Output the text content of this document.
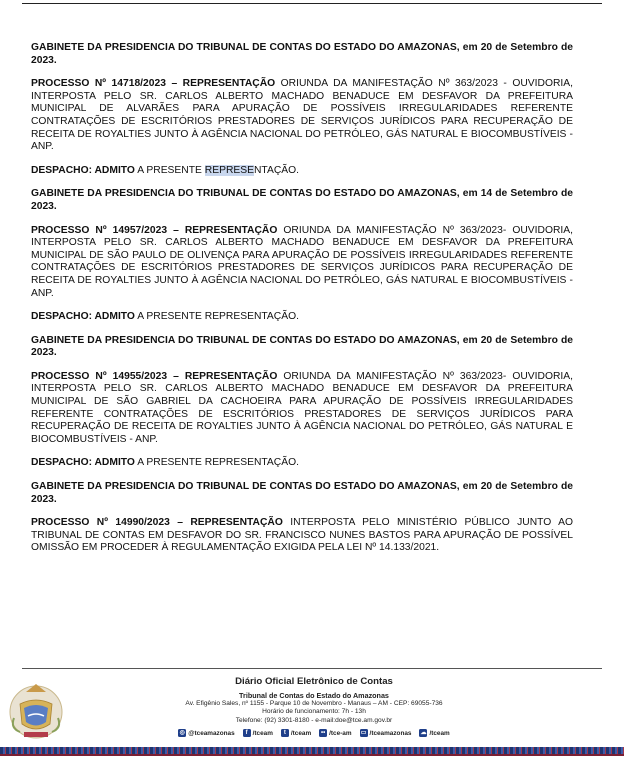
GABINETE DA PRESIDENCIA DO TRIBUNAL DE CONTAS DO ESTADO DO AMAZONAS, em 20 de Setembro de 2023.

PROCESSO Nº 14718/2023 – REPRESENTAÇÃO ORIUNDA DA MANIFESTAÇÃO Nº 363/2023 - OUVIDORIA, INTERPOSTA PELO SR. CARLOS ALBERTO MACHADO BENADUCE EM DESFAVOR DA PREFEITURA MUNICIPAL DE ALVARÃES PARA APURAÇÃO DE POSSÍVEIS IRREGULARIDADES REFERENTE CONTRATAÇÕES DE ESCRITÓRIOS PRESTADORES DE SERVIÇOS JURÍDICOS PARA RECUPERAÇÃO DE RECEITA DE ROYALTIES JUNTO À AGÊNCIA NACIONAL DO PETRÓLEO, GÁS NATURAL E BIOCOMBUSTÍVEIS - ANP.

DESPACHO: ADMITO A PRESENTE REPRESENTAÇÃO.

GABINETE DA PRESIDENCIA DO TRIBUNAL DE CONTAS DO ESTADO DO AMAZONAS, em 14 de Setembro de 2023.

PROCESSO Nº 14957/2023 – REPRESENTAÇÃO ORIUNDA DA MANIFESTAÇÃO Nº 363/2023- OUVIDORIA, INTERPOSTA PELO SR. CARLOS ALBERTO MACHADO BENADUCE EM DESFAVOR DA PREFEITURA MUNICIPAL DE SÃO PAULO DE OLIVENÇA PARA APURAÇÃO DE POSSÍVEIS IRREGULARIDADES REFERENTE CONTRATAÇÕES DE ESCRITÓRIOS PRESTADORES DE SERVIÇOS JURÍDICOS PARA RECUPERAÇÃO DE RECEITA DE ROYALTIES JUNTO À AGÊNCIA NACIONAL DO PETRÓLEO, GÁS NATURAL E BIOCOMBUSTÍVEIS - ANP.

DESPACHO: ADMITO A PRESENTE REPRESENTAÇÃO.

GABINETE DA PRESIDENCIA DO TRIBUNAL DE CONTAS DO ESTADO DO AMAZONAS, em 20 de Setembro de 2023.

PROCESSO Nº 14955/2023 – REPRESENTAÇÃO ORIUNDA DA MANIFESTAÇÃO Nº 363/2023- OUVIDORIA, INTERPOSTA PELO SR. CARLOS ALBERTO MACHADO BENADUCE EM DESFAVOR DA PREFEITURA MUNICIPAL DE SÃO GABRIEL DA CACHOEIRA PARA APURAÇÃO DE POSSÍVEIS IRREGULARIDADES REFERENTE CONTRATAÇÕES DE ESCRITÓRIOS PRESTADORES DE SERVIÇOS JURÍDICOS PARA RECUPERAÇÃO DE RECEITA DE ROYALTIES JUNTO À AGÊNCIA NACIONAL DO PETRÓLEO, GÁS NATURAL E BIOCOMBUSTÍVEIS - ANP.

DESPACHO: ADMITO A PRESENTE REPRESENTAÇÃO.

GABINETE DA PRESIDENCIA DO TRIBUNAL DE CONTAS DO ESTADO DO AMAZONAS, em 20 de Setembro de 2023.

PROCESSO Nº 14990/2023 – REPRESENTAÇÃO INTERPOSTA PELO MINISTÉRIO PÚBLICO JUNTO AO TRIBUNAL DE CONTAS EM DESFAVOR DO SR. FRANCISCO NUNES BASTOS PARA APURAÇÃO DE POSSÍVEL OMISSÃO EM PROCEDER À REGULAMENTAÇÃO EXIGIDA PELA LEI Nº 14.133/2021.

Diário Oficial Eletrônico de Contas
Tribunal de Contas do Estado do Amazonas
Av. Efigênio Sales, nº 1155 - Parque 10 de Novembro - Manaus – AM - CEP: 69055-736
Horário de funcionamento: 7h - 13h
Telefone: (92) 3301-8180 - e-mail:doe@tce.am.gov.br
◎ @tceamazonas	f /tceam	t /tceam	•• /tce-am ▭ /tceamazonas ☁ /tceam
